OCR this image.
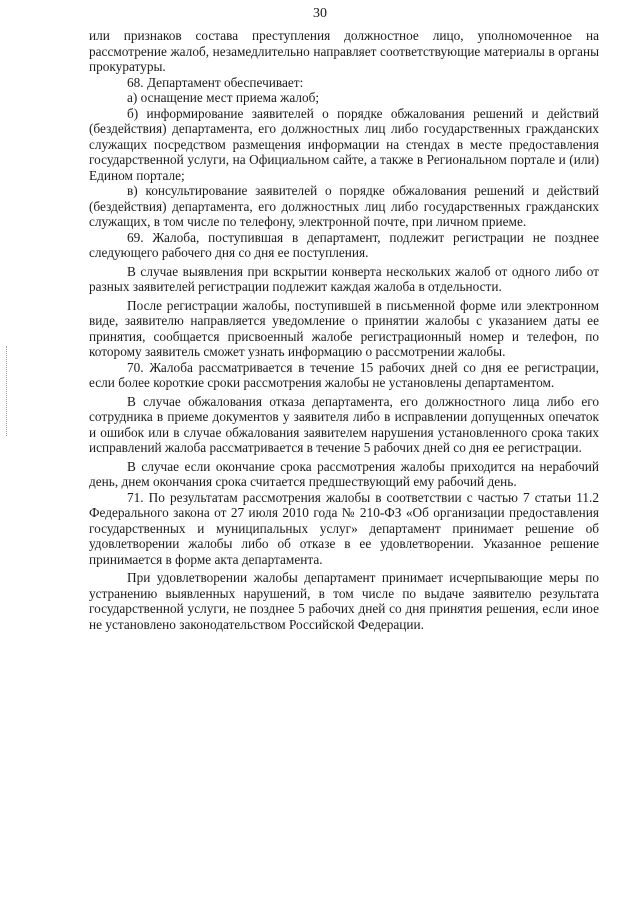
30

или признаков состава преступления должностное лицо, уполномоченное на рассмотрение жалоб, незамедлительно направляет соответствующие материалы в органы прокуратуры.

68. Департамент обеспечивает:

а) оснащение мест приема жалоб;

б) информирование заявителей о порядке обжалования решений и действий (бездействия) департамента, его должностных лиц либо государственных гражданских служащих посредством размещения информации на стендах в месте предоставления государственной услуги, на Официальном сайте, а также в Региональном портале и (или) Едином портале;

в) консультирование заявителей о порядке обжалования решений и действий (бездействия) департамента, его должностных лиц либо государственных гражданских служащих, в том числе по телефону, электронной почте, при личном приеме.

69. Жалоба, поступившая в департамент, подлежит регистрации не позднее следующего рабочего дня со дня ее поступления.

В случае выявления при вскрытии конверта нескольких жалоб от одного либо от разных заявителей регистрации подлежит каждая жалоба в отдельности.

После регистрации жалобы, поступившей в письменной форме или электронном виде, заявителю направляется уведомление о принятии жалобы с указанием даты ее принятия, сообщается присвоенный жалобе регистрационный номер и телефон, по которому заявитель сможет узнать информацию о рассмотрении жалобы.

70. Жалоба рассматривается в течение 15 рабочих дней со дня ее регистрации, если более короткие сроки рассмотрения жалобы не установлены департаментом.

В случае обжалования отказа департамента, его должностного лица либо его сотрудника в приеме документов у заявителя либо в исправлении допущенных опечаток и ошибок или в случае обжалования заявителем нарушения установленного срока таких исправлений жалоба рассматривается в течение 5 рабочих дней со дня ее регистрации.

В случае если окончание срока рассмотрения жалобы приходится на нерабочий день, днем окончания срока считается предшествующий ему рабочий день.

71. По результатам рассмотрения жалобы в соответствии с частью 7 статьи 11.2 Федерального закона от 27 июля 2010 года № 210-ФЗ «Об организации предоставления государственных и муниципальных услуг» департамент принимает решение об удовлетворении жалобы либо об отказе в ее удовлетворении. Указанное решение принимается в форме акта департамента.

При удовлетворении жалобы департамент принимает исчерпывающие меры по устранению выявленных нарушений, в том числе по выдаче заявителю результата государственной услуги, не позднее 5 рабочих дней со дня принятия решения, если иное не установлено законодательством Российской Федерации.
